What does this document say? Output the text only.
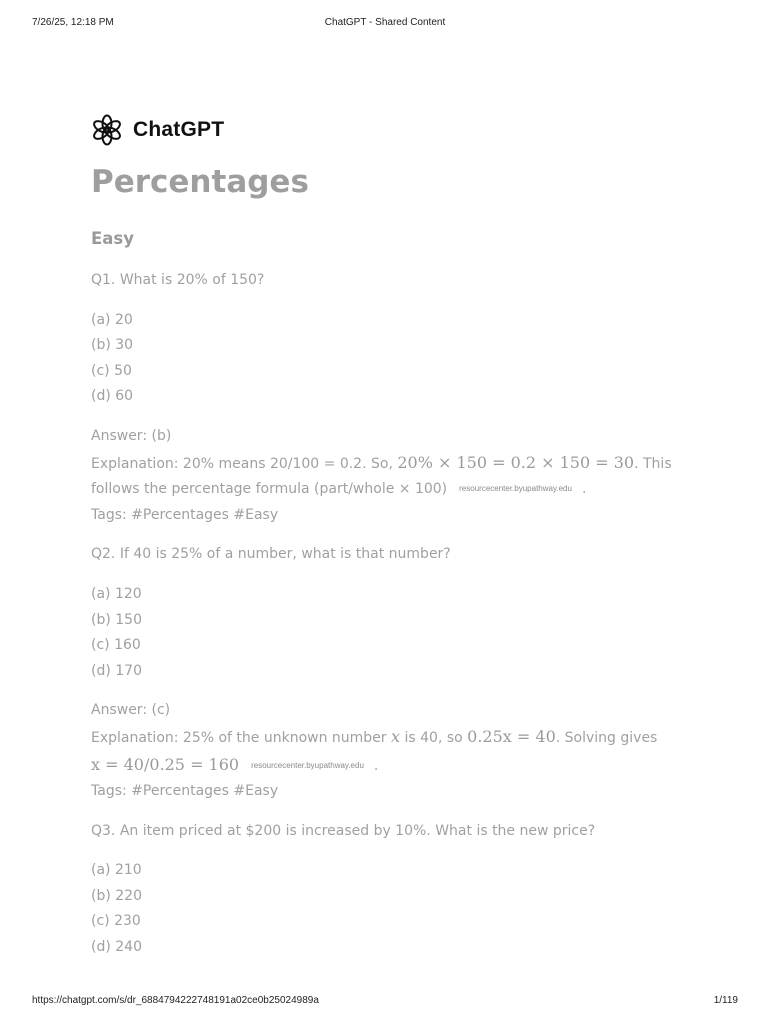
7/26/25, 12:18 PM	ChatGPT - Shared Content
ChatGPT
Percentages
Easy
Q1. What is 20% of 150?
(a) 20
(b) 30
(c) 50
(d) 60
Answer: (b)
Explanation: 20% means 20/100 = 0.2. So, 20% × 150 = 0.2 × 150 = 30. This
follows the percentage formula (part/whole × 100) resourcecenter.byupathway.edu .
Tags: #Percentages #Easy
Q2. If 40 is 25% of a number, what is that number?
(a) 120
(b) 150
(c) 160
(d) 170
Answer: (c)
Explanation: 25% of the unknown number x is 40, so 0.25x = 40. Solving gives
x = 40/0.25 = 160 resourcecenter.byupathway.edu .
Tags: #Percentages #Easy
Q3. An item priced at $200 is increased by 10%. What is the new price?
(a) 210
(b) 220
(c) 230
(d) 240
https://chatgpt.com/s/dr_6884794222748191a02ce0b25024989a	1/119
